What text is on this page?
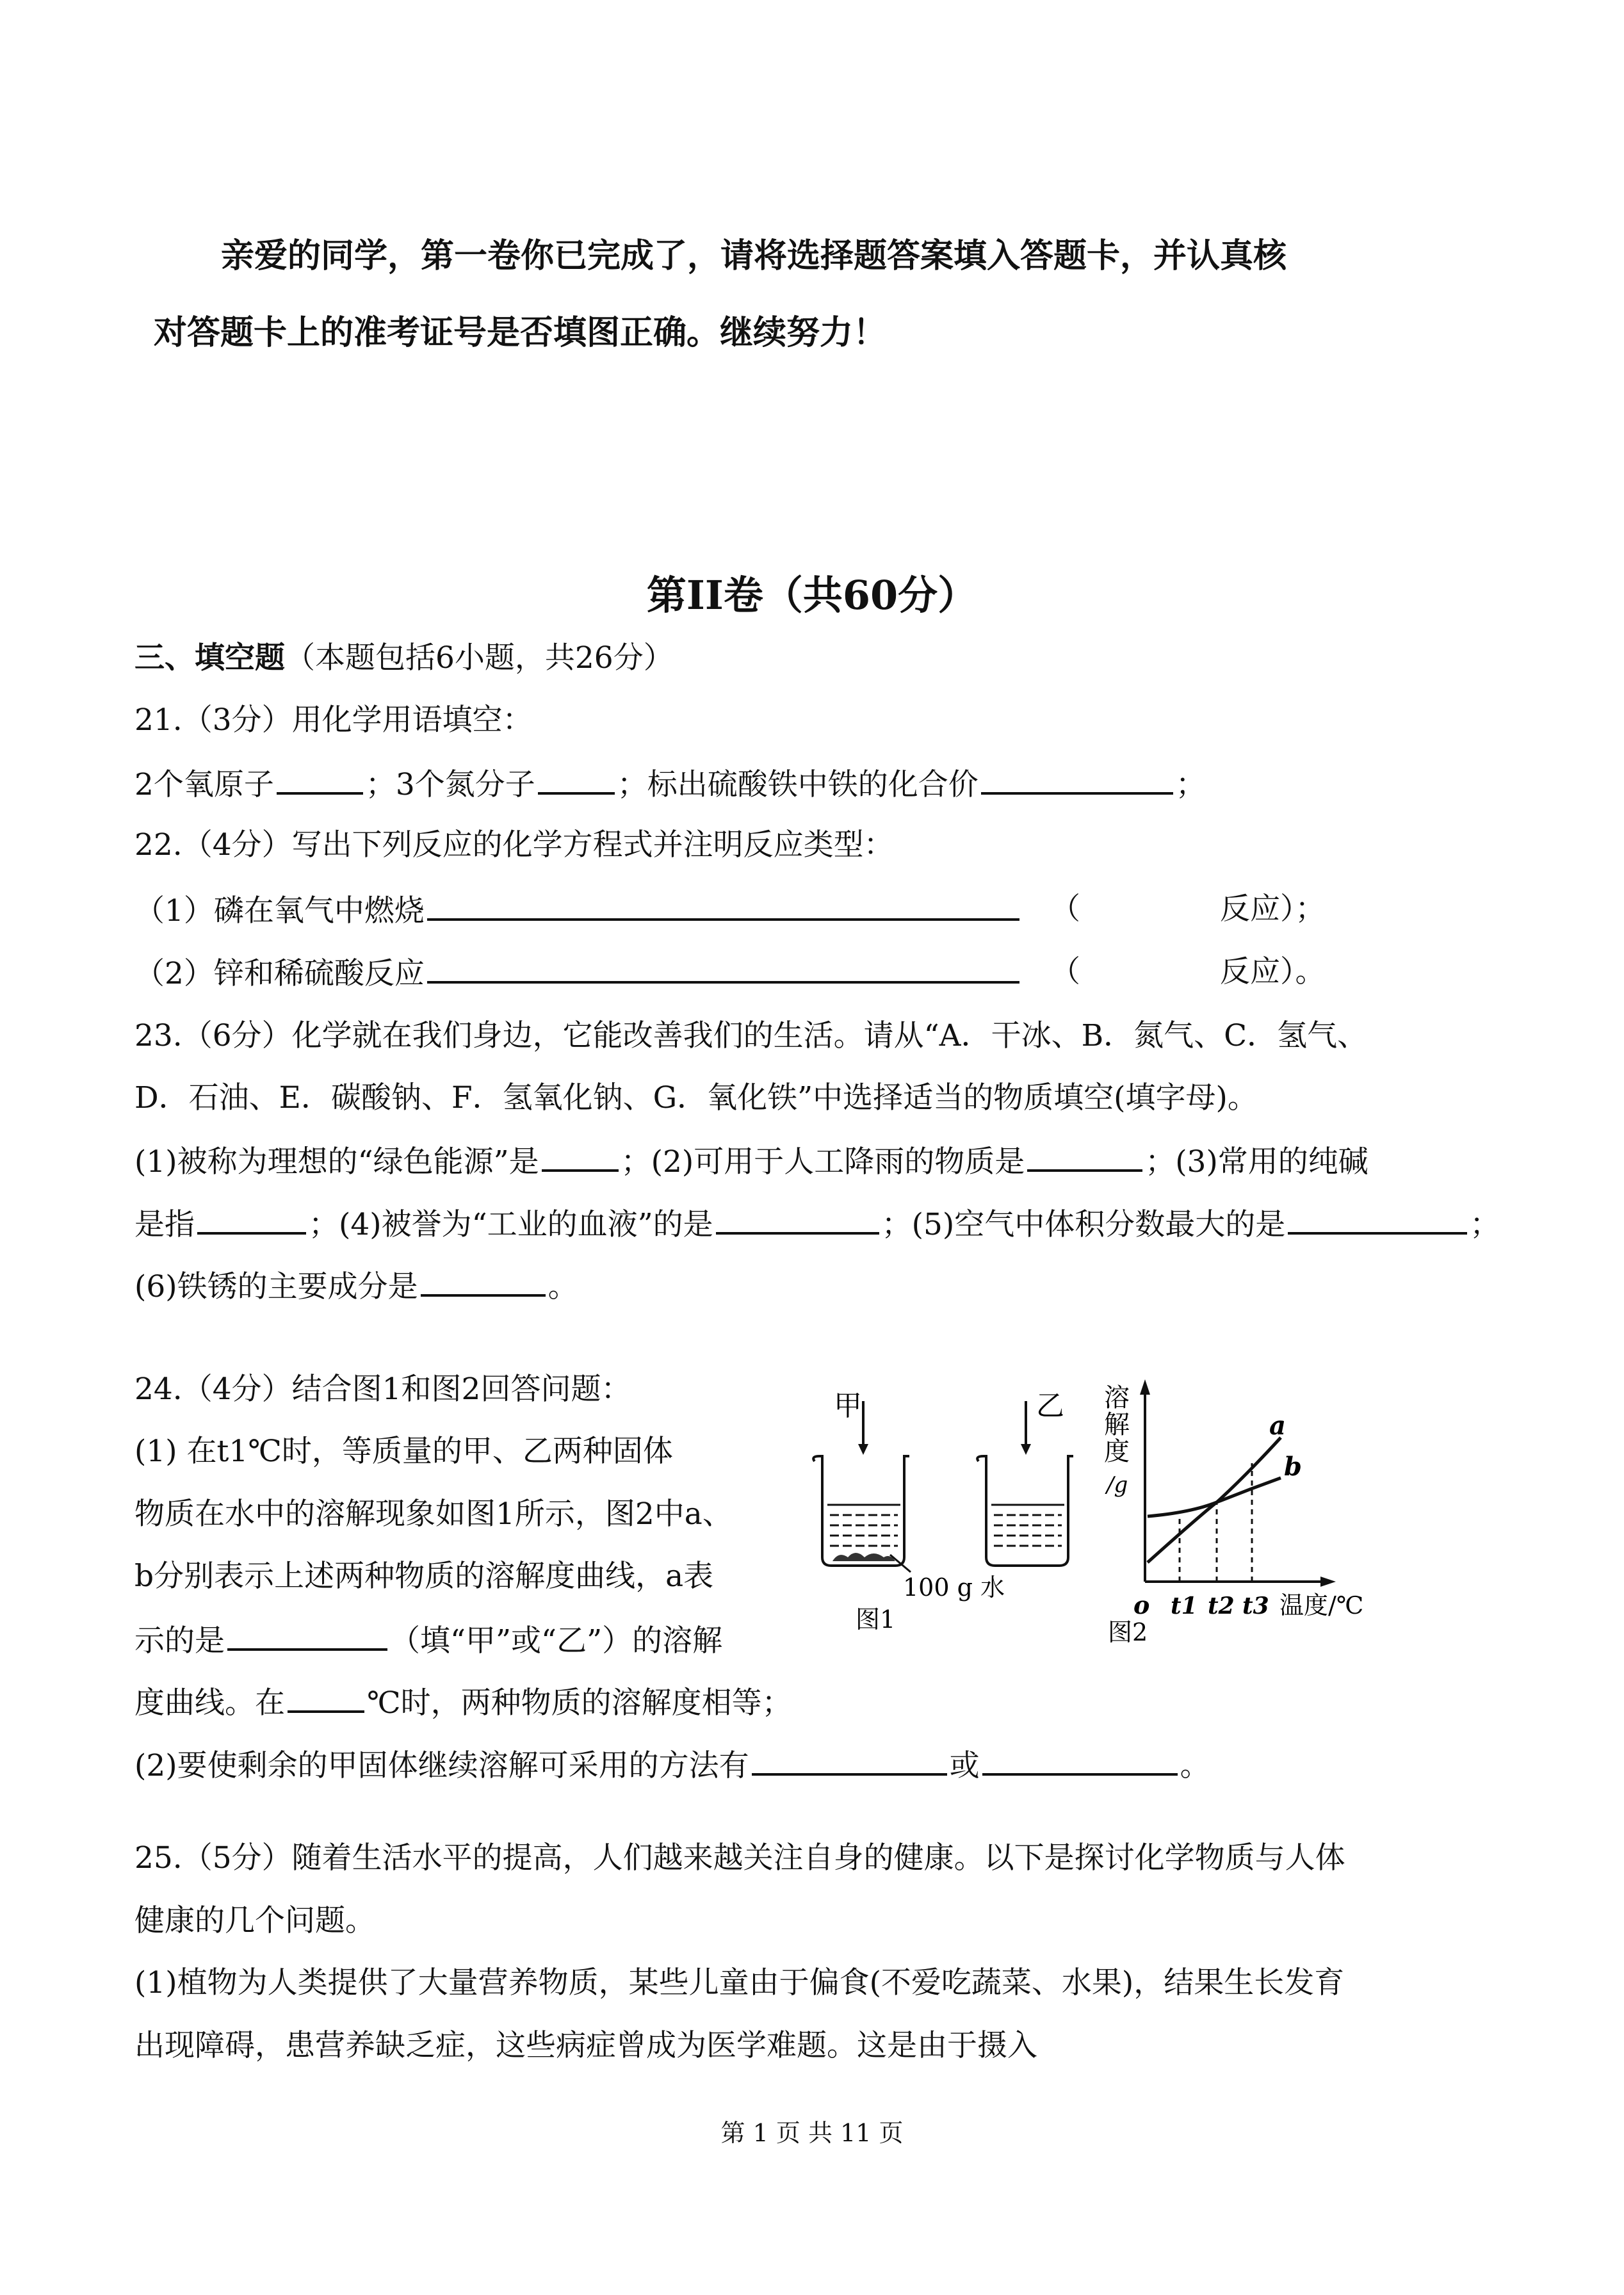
亲爱的同学，第一卷你已完成了，请将选择题答案填入答题卡，并认真核
对答题卡上的准考证号是否填图正确。继续努力！
第II卷（共60分）
三、填空题（本题包括6小题，共26分）
21.（3分）用化学用语填空：
2个氧原子	；3个氮分子	；标出硫酸铁中铁的化合价	；
22.（4分）写出下列反应的化学方程式并注明反应类型：
（1）磷在氧气中燃烧	（	反应）；
（2）锌和稀硫酸反应	（	反应）。
23.（6分）化学就在我们身边，它能改善我们的生活。请从“A．干冰、B．氮气、C．氢气、
D．石油、E．碳酸钠、F．氢氧化钠、G．氧化铁”中选择适当的物质填空(填字母)。
(1)被称为理想的“绿色能源”是	；(2)可用于人工降雨的物质是	；(3)常用的纯碱
是指	；(4)被誉为“工业的血液”的是	；(5)空气中体积分数最大的是	；
(6)铁锈的主要成分是	。
24.（4分）结合图1和图2回答问题：
(1) 在t1℃时，等质量的甲、乙两种固体
物质在水中的溶解现象如图1所示，图2中a、
b分别表示上述两种物质的溶解度曲线，a表
示的是	（填“甲”或“乙”）的溶解
度曲线。在	℃时，两种物质的溶解度相等；
(2)要使剩余的甲固体继续溶解可采用的方法有	或	。
甲	乙
100 g 水
图1
溶
解
度
/g
a
b
o t1 t2 t3 温度/℃
图2
25.（5分）随着生活水平的提高，人们越来越关注自身的健康。以下是探讨化学物质与人体
健康的几个问题。
(1)植物为人类提供了大量营养物质，某些儿童由于偏食(不爱吃蔬菜、水果)，结果生长发育
出现障碍，患营养缺乏症，这些病症曾成为医学难题。这是由于摄入
第 1 页 共 11 页
